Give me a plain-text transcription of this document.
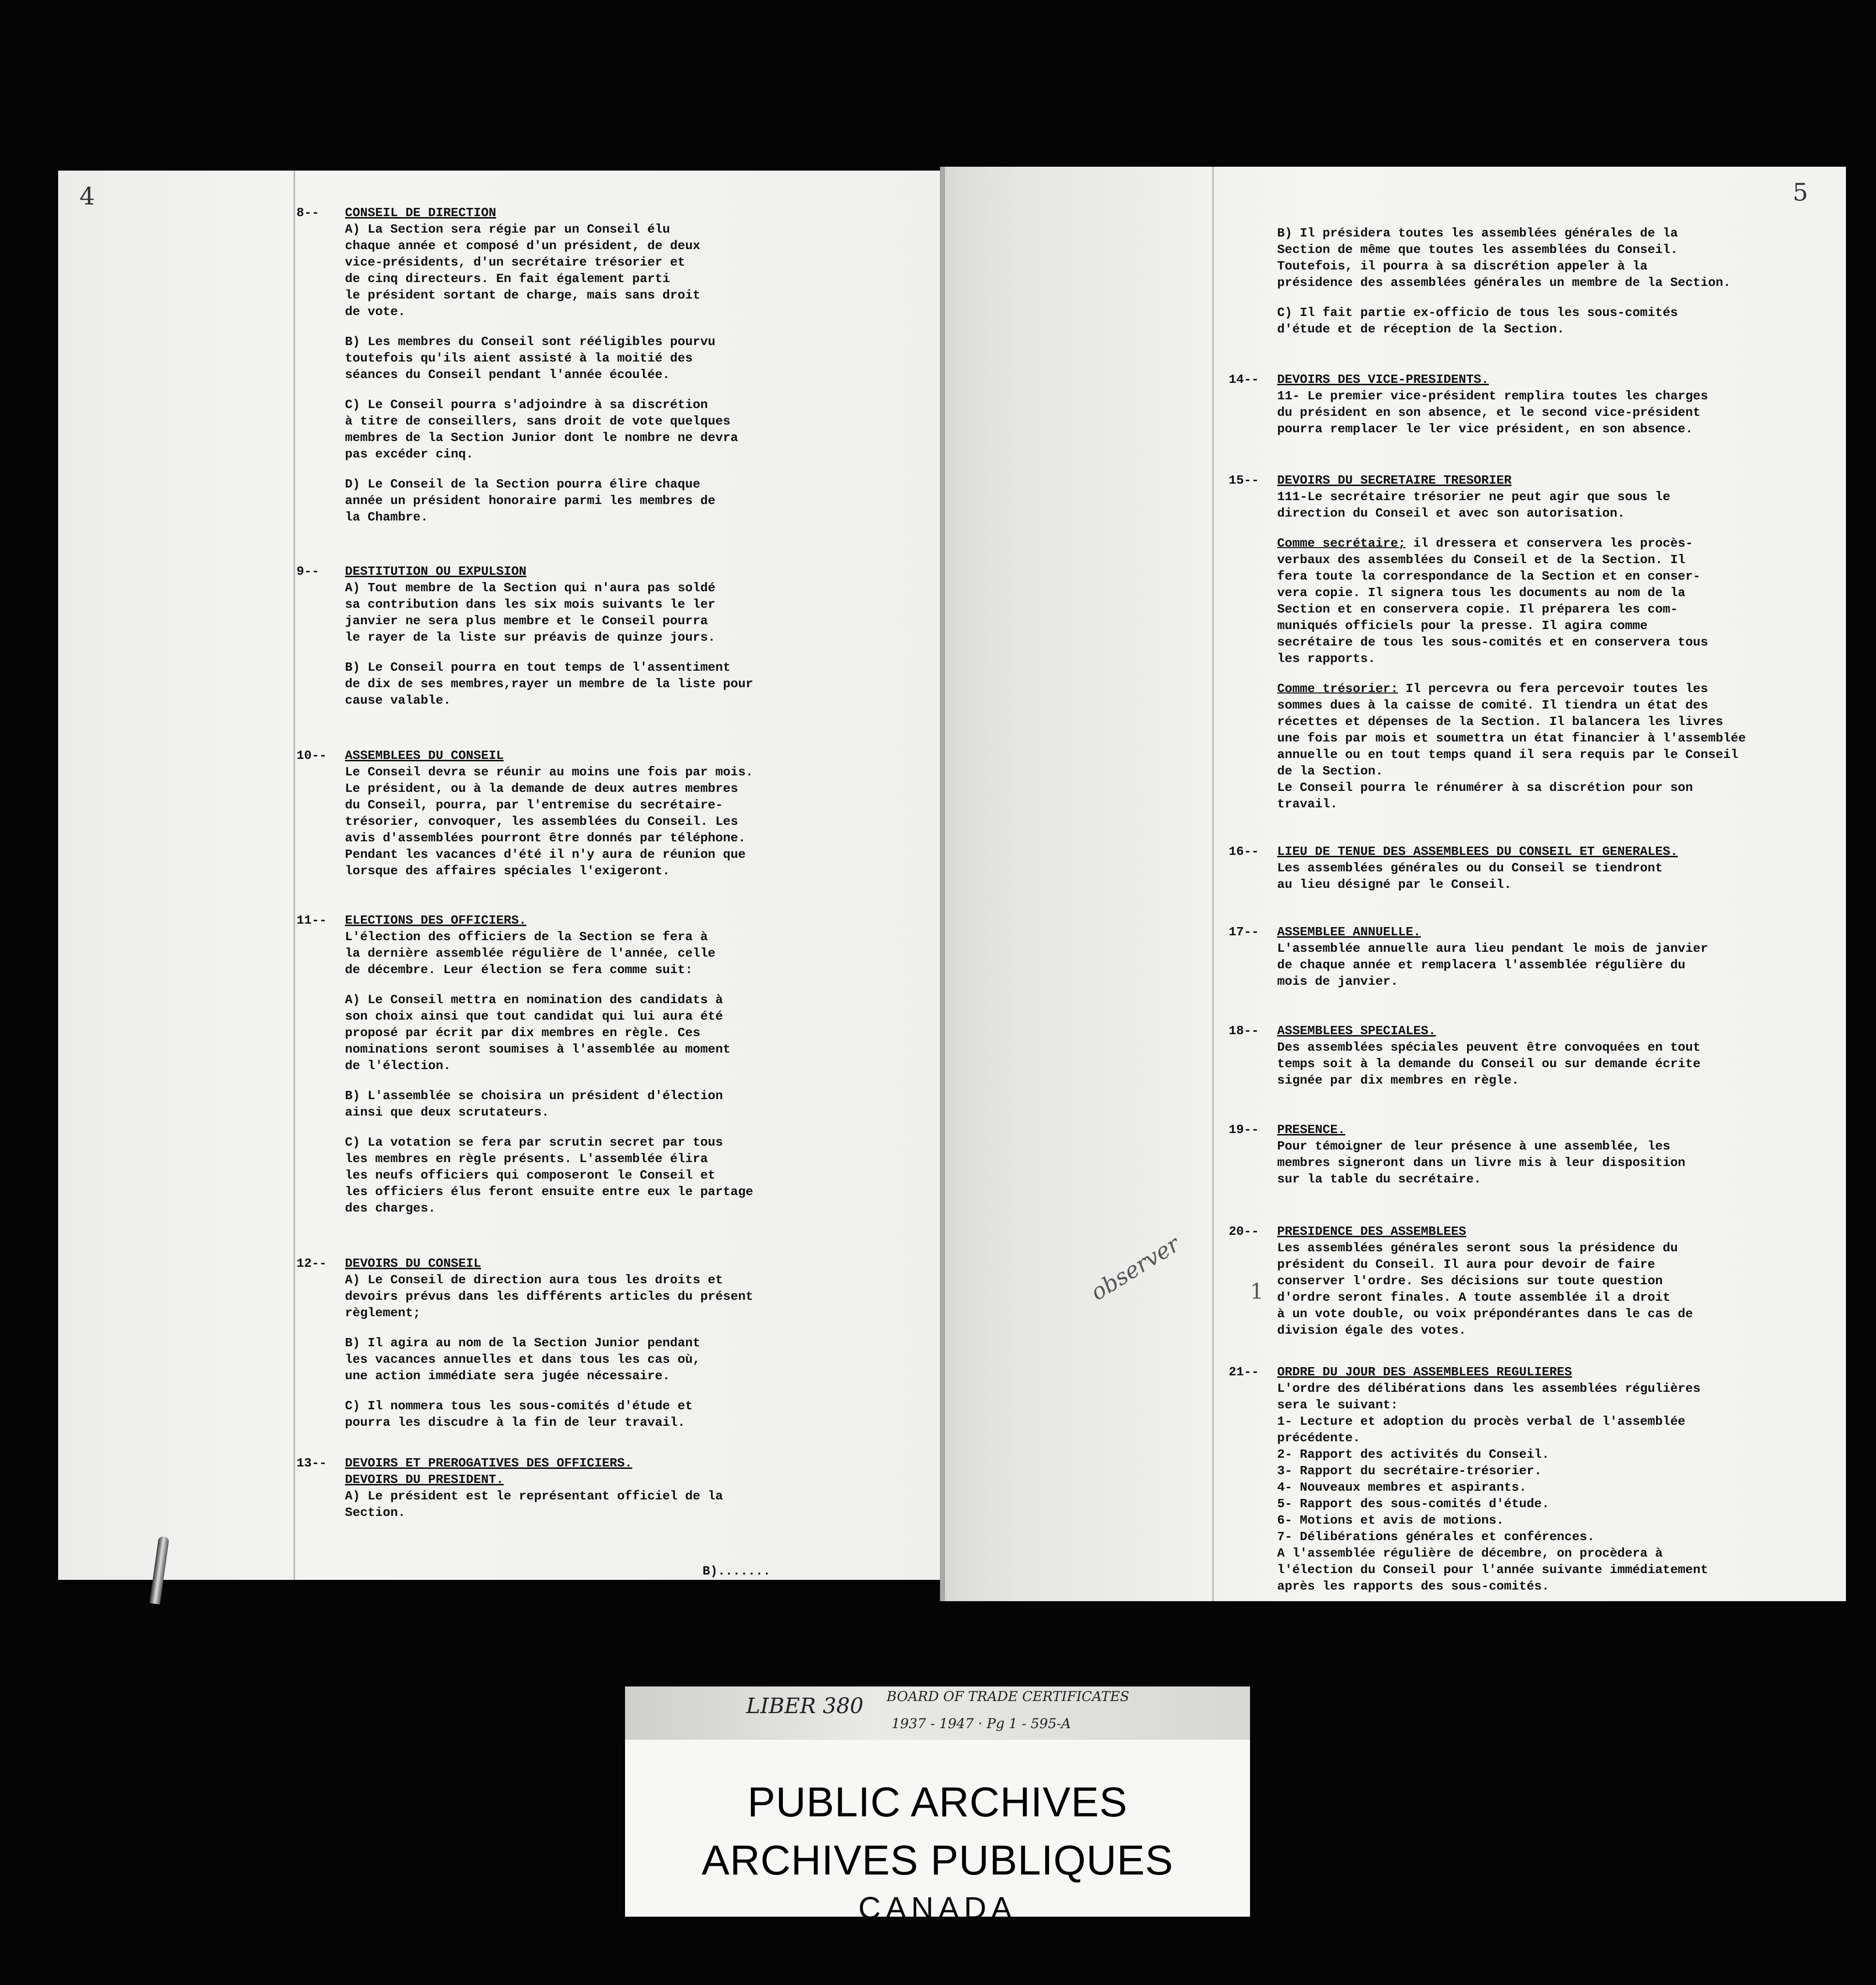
4
8--	CONSEIL DE DIRECTION

A) La Section sera régie par un Conseil élu
chaque année et composé d'un président, de deux
vice-présidents, d'un secrétaire trésorier et
de cinq directeurs. En fait également parti
le président sortant de charge, mais sans droit
de vote.

B) Les membres du Conseil sont rééligibles pourvu
toutefois qu'ils aient assisté à la moitié des
séances du Conseil pendant l'année écoulée.

C) Le Conseil pourra s'adjoindre à sa discrétion
à titre de conseillers, sans droit de vote quelques
membres de la Section Junior dont le nombre ne devra
pas excéder cinq.

D) Le Conseil de la Section pourra élire chaque
année un président honoraire parmi les membres de
la Chambre.

9--	DESTITUTION OU EXPULSION

A) Tout membre de la Section qui n'aura pas soldé
sa contribution dans les six mois suivants le ler
janvier ne sera plus membre et le Conseil pourra
le rayer de la liste sur préavis de quinze jours.

B) Le Conseil pourra en tout temps de l'assentiment
de dix de ses membres,rayer un membre de la liste pour
cause valable.

10--	ASSEMBLEES DU CONSEIL

Le Conseil devra se réunir au moins une fois par mois.
Le président, ou à la demande de deux autres membres
du Conseil, pourra, par l'entremise du secrétaire-
trésorier, convoquer, les assemblées du Conseil. Les
avis d'assemblées pourront être donnés par téléphone.
Pendant les vacances d'été il n'y aura de réunion que
lorsque des affaires spéciales l'exigeront.

11--	ELECTIONS DES OFFICIERS.

L'élection des officiers de la Section se fera à
la dernière assemblée régulière de l'année, celle
de décembre. Leur élection se fera comme suit:

A) Le Conseil mettra en nomination des candidats à
son choix ainsi que tout candidat qui lui aura été
proposé par écrit par dix membres en règle. Ces
nominations seront soumises à l'assemblée au moment
de l'élection.

B) L'assemblée se choisira un président d'élection
ainsi que deux scrutateurs.

C) La votation se fera par scrutin secret par tous
les membres en règle présents. L'assemblée élira
les neufs officiers qui composeront le Conseil et
les officiers élus feront ensuite entre eux le partage
des charges.

12--	DEVOIRS DU CONSEIL

A) Le Conseil de direction aura tous les droits et
devoirs prévus dans les différents articles du présent
règlement;

B) Il agira au nom de la Section Junior pendant
les vacances annuelles et dans tous les cas où,
une action immédiate sera jugée nécessaire.

C) Il nommera tous les sous-comités d'étude et
pourra les discudre à la fin de leur travail.

13--	DEVOIRS ET PREROGATIVES DES OFFICIERS.
DEVOIRS DU PRESIDENT.

A) Le président est le représentant officiel de la
Section.

B).......
5

B) Il présidera toutes les assemblées générales de la
Section de même que toutes les assemblées du Conseil.
Toutefois, il pourra à sa discrétion appeler à la
présidence des assemblées générales un membre de la Section.

C) Il fait partie ex-officio de tous les sous-comités
d'étude et de réception de la Section.

14--	DEVOIRS DES VICE-PRESIDENTS.

11- Le premier vice-président remplira toutes les charges
du président en son absence, et le second vice-président
pourra remplacer le ler vice président, en son absence.

15--	DEVOIRS DU SECRETAIRE TRESORIER

111-Le secrétaire trésorier ne peut agir que sous le
direction du Conseil et avec son autorisation.

Comme secrétaire; il dressera et conservera les procès-
verbaux des assemblées du Conseil et de la Section. Il
fera toute la correspondance de la Section et en conser-
vera copie. Il signera tous les documents au nom de la
Section et en conservera copie. Il préparera les com-
muniqués officiels pour la presse. Il agira comme
secrétaire de tous les sous-comités et en conservera tous
les rapports.

Comme trésorier: Il percevra ou fera percevoir toutes les
sommes dues à la caisse de comité. Il tiendra un état des
récettes et dépenses de la Section. Il balancera les livres
une fois par mois et soumettra un état financier à l'assemblée
annuelle ou en tout temps quand il sera requis par le Conseil
de la Section.
Le Conseil pourra le rénumérer à sa discrétion pour son
travail.

16--	LIEU DE TENUE DES ASSEMBLEES DU CONSEIL ET GENERALES.

Les assemblées générales ou du Conseil se tiendront
au lieu désigné par le Conseil.

17--	ASSEMBLEE ANNUELLE.

L'assemblée annuelle aura lieu pendant le mois de janvier
de chaque année et remplacera l'assemblée régulière du
mois de janvier.

18--	ASSEMBLEES SPECIALES.

Des assemblées spéciales peuvent être convoquées en tout
temps soit à la demande du Conseil ou sur demande écrite
signée par dix membres en règle.

19--	PRESENCE.

Pour témoigner de leur présence à une assemblée, les
membres signeront dans un livre mis à leur disposition
sur la table du secrétaire.

20--	PRESIDENCE DES ASSEMBLEES

Les assemblées générales seront sous la présidence du
président du Conseil. Il aura pour devoir de faire
conserver l'ordre. Ses décisions sur toute question
d'ordre seront finales. A toute assemblée il a droit
à un vote double, ou voix prépondérantes dans le cas de
division égale des votes.

21--	ORDRE DU JOUR DES ASSEMBLEES REGULIERES

L'ordre des délibérations dans les assemblées régulières
sera le suivant:

1- Lecture et adoption du procès verbal de l'assemblée
précédente.
2- Rapport des activités du Conseil.
3- Rapport du secrétaire-trésorier.
4- Nouveaux membres et aspirants.
5- Rapport des sous-comités d'étude.
6- Motions et avis de motions.
7- Délibérations générales et conférences.

A l'assemblée régulière de décembre, on procèdera à
l'élection du Conseil pour l'année suivante immédiatement
après les rapports des sous-comités.

observer	1
LIBER 380 BOARD OF TRADE CERTIFICATES
1937 - 1947 · Pg 1 - 595-A
PUBLIC ARCHIVES
ARCHIVES PUBLIQUES
CANADA
